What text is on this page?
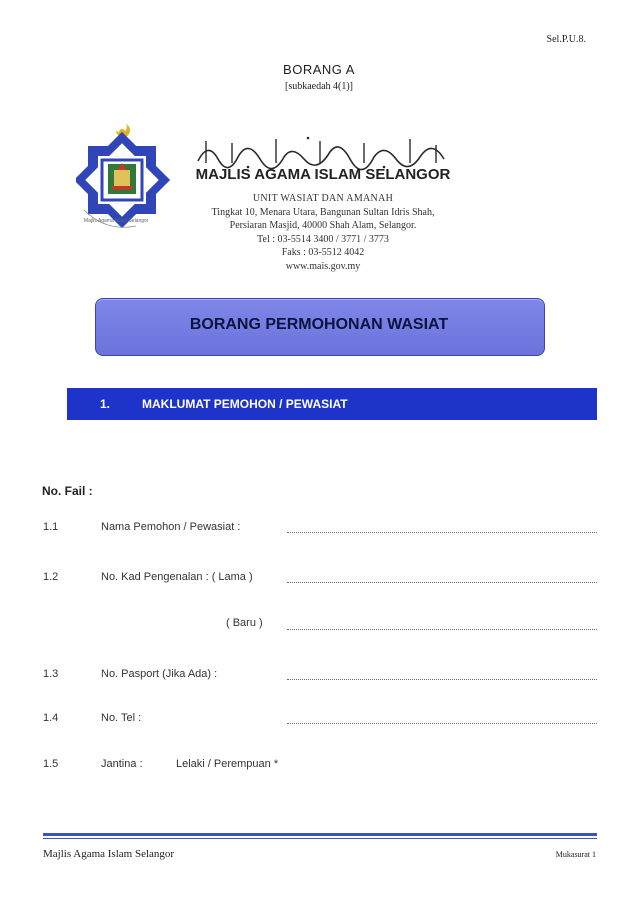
Sel.P.U.8.
BORANG A
[subkaedah 4(1)]
Majlis Agama Islam Selangor
MAJLIS AGAMA ISLAM SELANGOR
UNIT WASIAT DAN AMANAH
Tingkat 10, Menara Utara, Bangunan Sultan Idris Shah,
Persiaran Masjid, 40000 Shah Alam, Selangor.
Tel : 03-5514 3400 / 3771 / 3773
Faks : 03-5512 4042
www.mais.gov.my
BORANG PERMOHONAN WASIAT
1.	MAKLUMAT PEMOHON / PEWASIAT
No. Fail :
1.1	Nama Pemohon / Pewasiat :
1.2	No. Kad Pengenalan : ( Lama )
( Baru )
1.3	No. Pasport (Jika Ada) :
1.4	No. Tel :
1.5	Jantina :	Lelaki / Perempuan *
Majlis Agama Islam Selangor	Mukasurat 1
